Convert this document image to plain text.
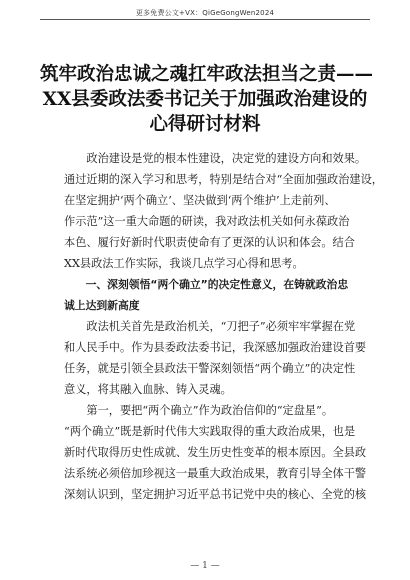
更多免费公文+VX：QiGeGongWen2024
筑牢政治忠诚之魂扛牢政法担当之责——
XX县委政法委书记关于加强政治建设的
心得研讨材料
　　政治建设是党的根本性建设，决定党的建设方向和效果。
通过近期的深入学习和思考，特别是结合对“全面加强政治建设，
在坚定拥护‘两个确立’、坚决做到‘两个维护’上走前列、
作示范”这一重大命题的研读，我对政法机关如何永葆政治
本色、履行好新时代职责使命有了更深的认识和体会。结合
XX县政法工作实际，我谈几点学习心得和思考。
　　一、深刻领悟“两个确立”的决定性意义，在铸就政治忠
诚上达到新高度
　　政法机关首先是政治机关，“刀把子”必须牢牢掌握在党
和人民手中。作为县委政法委书记，我深感加强政治建设首要
任务，就是引领全县政法干警深刻领悟“两个确立”的决定性
意义，将其融入血脉、铸入灵魂。
　　第一，要把“两个确立”作为政治信仰的“定盘星”。
“两个确立”既是新时代伟大实践取得的重大政治成果，也是
新时代取得历史性成就、发生历史性变革的根本原因。全县政
法系统必须倍加珍视这一最重大政治成果，教育引导全体干警
深刻认识到，坚定拥护习近平总书记党中央的核心、全党的核
— 1 —
